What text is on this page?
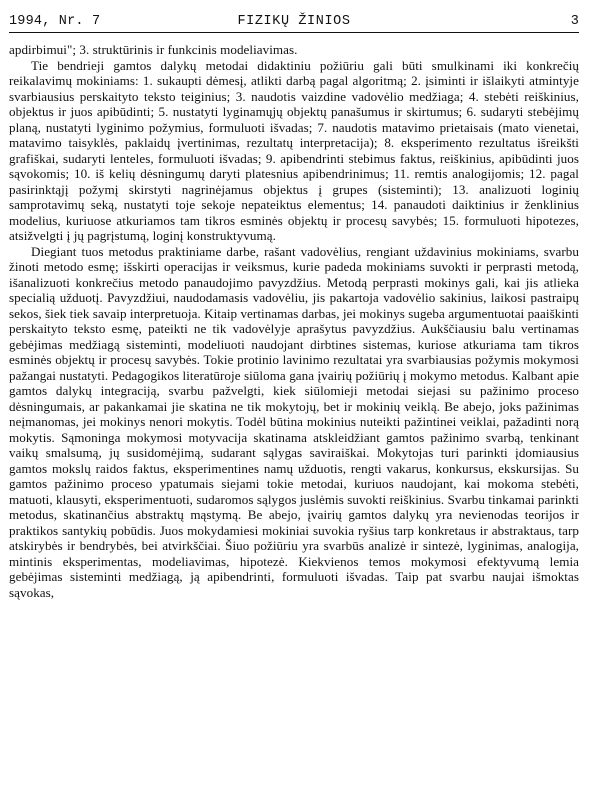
1994, Nr. 7	FIZIKŲ ŽINIOS	3

apdirbimui"; 3. struktūrinis ir funkcinis modeliavimas.

Tie bendrieji gamtos dalykų metodai didaktiniu požiūriu gali būti smulkinami iki konkrečių reikalavimų mokiniams: 1. sukaupti dėmesį, atlikti darbą pagal algoritmą; 2. įsiminti ir išlaikyti atmintyje svarbiausius perskaityto teksto teiginius; 3. naudotis vaizdine vadovėlio medžiaga; 4. stebėti reiškinius, objektus ir juos apibūdinti; 5. nustatyti lyginamųjų objektų panašumus ir skirtumus; 6. sudaryti stebėjimų planą, nustatyti lyginimo požymius, formuluoti išvadas; 7. naudotis matavimo prietaisais (mato vienetai, matavimo taisyklės, paklaidų įvertinimas, rezultatų interpretacija); 8. eksperimento rezultatus išreikšti grafiškai, sudaryti lenteles, formuluoti išvadas; 9. apibendrinti stebimus faktus, reiškinius, apibūdinti juos sąvokomis; 10. iš kelių dėsningumų daryti platesnius apibendrinimus; 11. remtis analogijomis; 12. pagal pasirinktąjį požymį skirstyti nagrinėjamus objektus į grupes (sistemintі); 13. analizuoti loginių samprotavimų seką, nustatyti toje sekoje nepateiktus elementus; 14. panaudoti daiktinius ir ženklinius modelius, kuriuose atkuriamos tam tikros esminės objektų ir procesų savybės; 15. formuluoti hipotezes, atsižvelgti į jų pagrįstumą, loginį konstruktyvumą.

Diegiant tuos metodus praktiniame darbe, rašant vadovėlius, rengiant uždavinius mokiniams, svarbu žinoti metodo esmę; išskirti operacijas ir veiksmus, kurie padeda mokiniams suvokti ir perprasti metodą, išanalizuoti konkrečius metodo panaudojimo pavyzdžius. Metodą perprasti mokinys gali, kai jis atlieka specialią užduotį. Pavyzdžiui, naudodamasis vadovėliu, jis pakartoja vadovėlio sakinius, laikosi pastraipų sekos, šiek tiek savaip interpretuoja. Kitaip vertinamas darbas, jei mokinys sugeba argumentuotai paaiškinti perskaityto teksto esmę, pateikti ne tik vadovėlyje aprašytus pavyzdžius. Aukščiausiu balu vertinamas gebėjimas medžiagą sisteminti, modeliuoti naudojant dirbtines sistemas, kuriose atkuriama tam tikros esminės objektų ir procesų savybės. Tokie protinio lavinimo rezultatai yra svarbiausias požymis mokymosi pažangai nustatyti. Pedagogikos literatūroje siūloma gana įvairių požiūrių į mokymo metodus. Kalbant apie gamtos dalykų integraciją, svarbu pažvelgti, kiek siūlomieji metodai siejasi su pažinimo proceso dėsningumais, ar pakankamai jie skatina ne tik mokytojų, bet ir mokinių veiklą. Be abejo, joks pažinimas neįmanomas, jei mokinys nenori mokytis. Todėl būtina mokinius nuteikti pažintinei veiklai, pažadinti norą mokytis. Sąmoninga mokymosi motyvacija skatinama atskleidžiant gamtos pažinimo svarbą, tenkinant vaikų smalsumą, jų susidomėjimą, sudarant sąlygas saviraiškai. Mokytojas turi parinkti įdomiausius gamtos mokslų raidos faktus, eksperimentines namų užduotis, rengti vakarus, konkursus, ekskursijas. Su gamtos pažinimo proceso ypatumais siejami tokie metodai, kuriuos naudojant, kai mokoma stebėti, matuoti, klausyti, eksperimentuoti, sudaromos sąlygos juslėmis suvokti reiškinius. Svarbu tinkamai parinkti metodus, skatinančius abstraktų mąstymą. Be abejo, įvairių gamtos dalykų yra nevienodas teorijos ir praktikos santykių pobūdis. Juos mokydamiesi mokiniai suvokia ryšius tarp konkretaus ir abstraktaus, tarp atskirybės ir bendrybės, bei atvirkščiai. Šiuo požiūriu yra svarbūs analizė ir sintezė, lyginimas, analogija, mintinis eksperimentas, modeliavimas, hipotezė. Kiekvienos temos mokymosi efektyvumą lemia gebėjimas sisteminti medžiagą, ją apibendrinti, formuluoti išvadas. Taip pat svarbu naujai išmoktas sąvokas,
